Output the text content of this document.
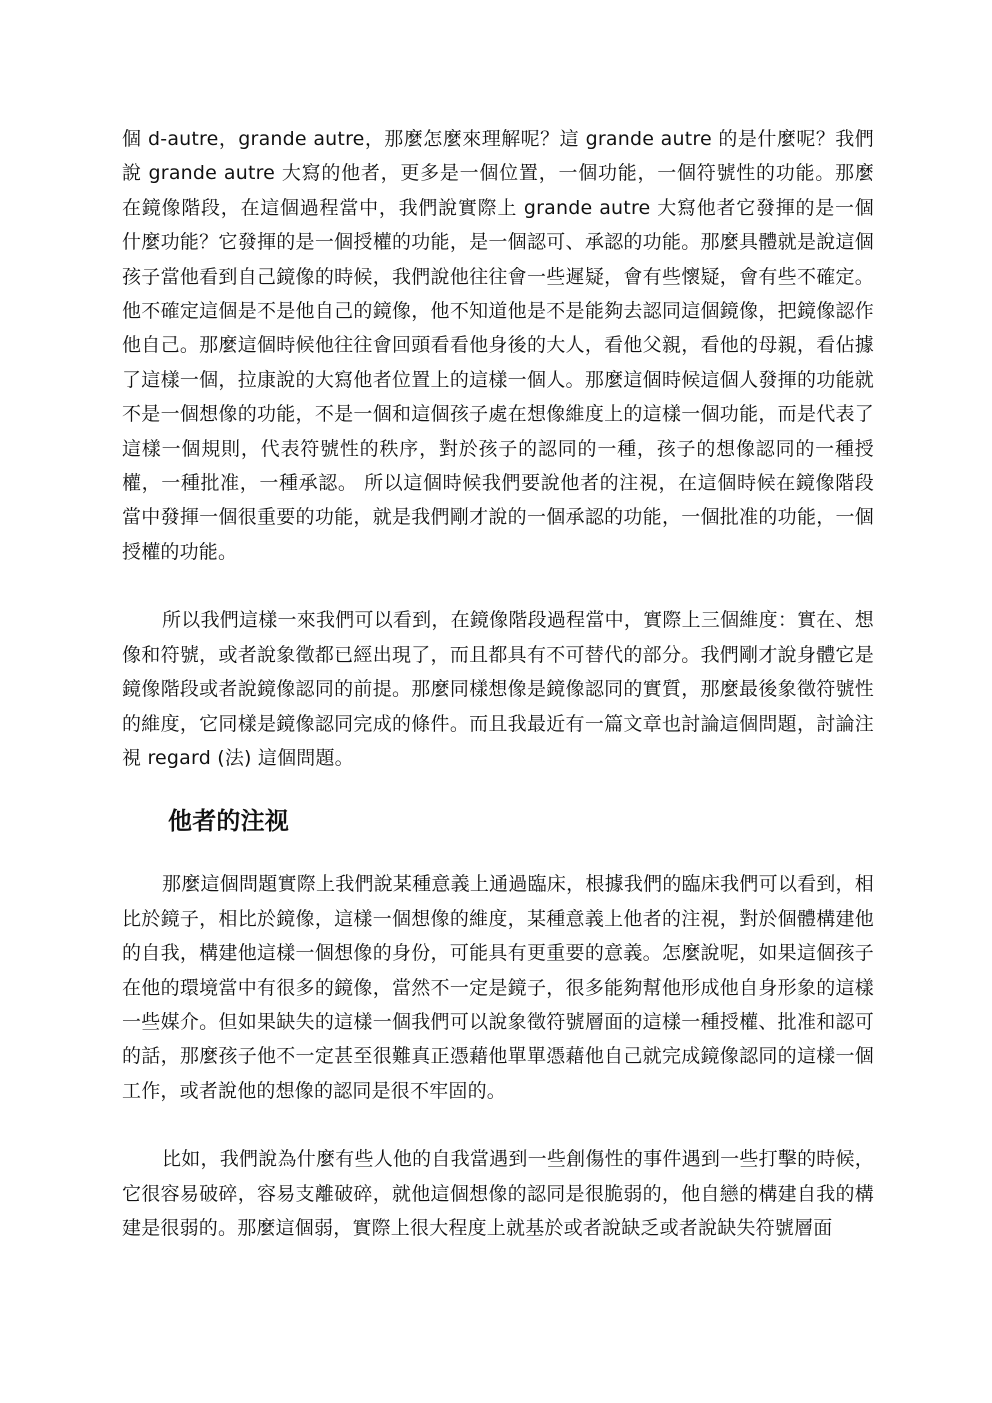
個 d-autre，grande autre，那麼怎麼來理解呢？這 grande autre 的是什麼呢？我們說 grande autre 大寫的他者，更多是一個位置，一個功能，一個符號性的功能。那麼在鏡像階段，在這個過程當中，我們說實際上 grande autre 大寫他者它發揮的是一個什麼功能？它發揮的是一個授權的功能，是一個認可、承認的功能。那麼具體就是說這個孩子當他看到自己鏡像的時候，我們說他往往會一些遲疑，會有些懷疑，會有些不確定。 他不確定這個是不是他自己的鏡像，他不知道他是不是能夠去認同這個鏡像，把鏡像認作他自己。那麼這個時候他往往會回頭看看他身後的大人，看他父親，看他的母親，看佔據了這樣一個，拉康說的大寫他者位置上的這樣一個人。那麼這個時候這個人發揮的功能就不是一個想像的功能，不是一個和這個孩子處在想像維度上的這樣一個功能，而是代表了這樣一個規則，代表符號性的秩序，對於孩子的認同的一種，孩子的想像認同的一種授權，一種批准，一種承認。 所以這個時候我們要說他者的注視，在這個時候在鏡像階段當中發揮一個很重要的功能，就是我們剛才說的一個承認的功能，一個批准的功能，一個授權的功能。

所以我們這樣一來我們可以看到，在鏡像階段過程當中，實際上三個維度：實在、想像和符號，或者說象徵都已經出現了，而且都具有不可替代的部分。我們剛才說身體它是鏡像階段或者說鏡像認同的前提。那麼同樣想像是鏡像認同的實質，那麼最後象徵符號性的維度，它同樣是鏡像認同完成的條件。而且我最近有一篇文章也討論這個問題，討論注視 regard (法) 這個問題。

他者的注视

那麼這個問題實際上我們說某種意義上通過臨床，根據我們的臨床我們可以看到，相比於鏡子，相比於鏡像，這樣一個想像的維度，某種意義上他者的注視，對於個體構建他的自我，構建他這樣一個想像的身份，可能具有更重要的意義。怎麼說呢，如果這個孩子在他的環境當中有很多的鏡像，當然不一定是鏡子，很多能夠幫他形成他自身形象的這樣一些媒介。但如果缺失的這樣一個我們可以說象徵符號層面的這樣一種授權、批准和認可的話，那麼孩子他不一定甚至很難真正憑藉他單單憑藉他自己就完成鏡像認同的這樣一個工作，或者說他的想像的認同是很不牢固的。

比如，我們說為什麼有些人他的自我當遇到一些創傷性的事件遇到一些打擊的時候，它很容易破碎，容易支離破碎，就他這個想像的認同是很脆弱的，他自戀的構建自我的構建是很弱的。那麼這個弱，實際上很大程度上就基於或者說缺乏或者說缺失符號層面
